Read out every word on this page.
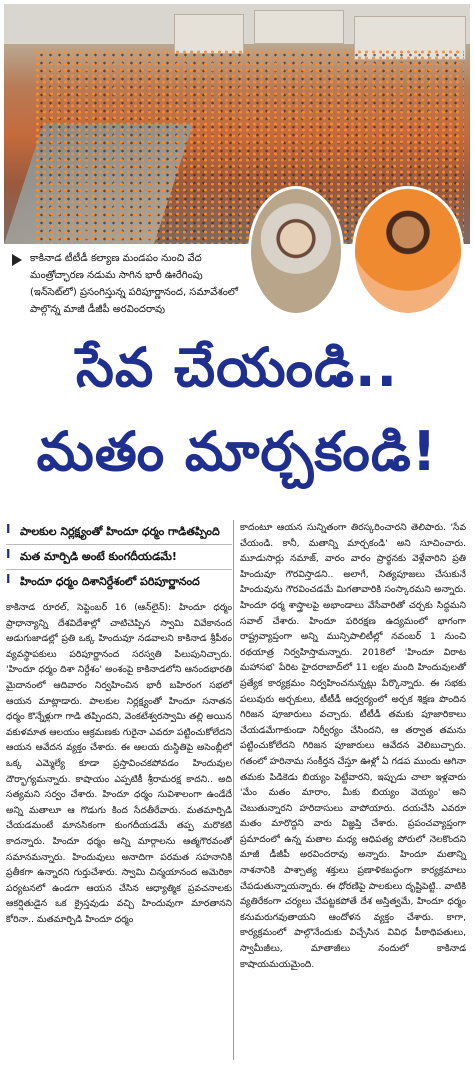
కాకినాడ టీటీడీ కల్యాణ మండపం నుంచి వేద మంత్రోచ్ఛారణ నడుమ సాగిన భారీ ఊరేగింపు (ఇన్‌సెట్‌లో) ప్రసంగిస్తున్న పరిపూర్ణానంద, సమావేశంలో పాల్గొన్న మాజీ డీజీపీ అరవిందరావు

సేవ చేయండి..
మతం మార్చకండి!
I పాలకుల నిర్లక్ష్యంతో హిందూ ధర్మం గాడితప్పింది
I మత మార్పిడి అంటే కుంగదీయడమే!
I హిందూ ధర్మం దిశానిర్దేశంలో పరిపూర్ణానంద

కాకినాడ రూరల్‌, సెప్టెంబర్‌ 16 (ఆన్‌లైన్‌): హిందూ ధర్మం ప్రాధాన్యాన్ని దేశవిదేశాల్లో చాటిచెప్పిన స్వామి వివేకానంద అడుగుజాడల్లో ప్రతి ఒక్క హిందువూ నడవాలని కాకినాడ శ్రీపీఠం వ్యవస్థాపకులు పరిపూర్ణానంద సరస్వతి పిలుపునిచ్చారు. 'హిందూ ధర్మం దిశా నిర్దేశం' అంశంపై కాకినాడలోని ఆనందభారతి మైదానంలో ఆదివారం నిర్వహించిన భారీ బహిరంగ సభలో ఆయన మాట్లాడారు. పాలకుల నిర్లక్ష్యంతో హిందూ సనాతన ధర్మం కొన్నేళ్లుగా గాడి తప్పిందని, వెంకటేశ్వరస్వామి తల్లి అయిన వకుళమాత ఆలయం ఆక్రమణకు గురైనా ఎవరూ పట్టించుకోలేదని ఆయన ఆవేదన వ్యక్తం చేశారు. ఈ ఆలయ దుస్థితిపై అసెంబ్లీలో ఒక్క ఎమ్మెల్యే కూడా ప్రస్తావించకపోవడం హిందువుల దౌర్భాగ్యమన్నారు. కాషాయం ఎప్పటికీ శ్రీరామరక్ష కాదని.. అది సత్యమని సర్వం చేశారు. హిందూ ధర్మం సువిశాలంగా ఉండేదే అన్ని మతాలూ ఆ గొడుగు కింద సేదతీరేవారు. మతమార్పిడి చేయడమంటే మానసికంగా కుంగదీయడమే తప్ప మరొకటి కాదన్నారు. హిందూ ధర్మం అన్ని మార్గాలను ఆత్మగౌరవంతో సమానమన్నారు. హిందువులు అనాదిగా పరమత సహనానికి ప్రతీకగా ఉన్నారని గుర్తుచేశారు. స్వామి చిన్మయానంద అమెరికా పర్యటనలో ఉండగా ఆయన చేసిన ఆధ్యాత్మిక ప్రవచనాలకు ఆకర్షితుడైన ఒక క్రైస్తవుడు వచ్చి హిందువుగా మారతానని కోరినా.. మతమార్పిడి హిందూ ధర్మం

కాదంటూ ఆయన సున్నితంగా తిరస్కరించారని తెలిపారు. 'సేవ చేయండి. కానీ, మతాన్ని మార్చకండి' అని సూచించారు. మూడుసార్లు నమాజ్‌, వారం వారం ప్రార్థనకు వెళ్లేవారిని ప్రతి హిందువూ గౌరవిస్తాడని.. అలాగే, నిత్యపూజలు చేసుకునే హిందువును గౌరవించడమే మిగతావారికి సంస్కారమని అన్నారు. హిందూ ధర్మ శాస్త్రాలపై అభాండాలు వేసేవారితో చర్చకు సిద్ధమని సవాల్‌ చేశారు. హిందూ పరిరక్షణ ఉద్యమంలో భాగంగా రాష్ట్రవ్యాప్తంగా అన్ని మున్సిపాలిటీల్లో నవంబర్‌ 1 నుంచి రథయాత్ర నిర్వహిస్తామన్నారు. 2018లో 'హిందూ విరాట మహాసభ' పేరిట హైదరాబాద్‌లో 11 లక్షల మంది హిందువులతో ప్రత్యేక కార్యక్రమం నిర్వహించనున్నట్లు పేర్కొన్నారు. ఈ సభకు పలువురు అర్చకులు, టీటీడీ ఆధ్వర్యంలో అర్చక శిక్షణ పొందిన గిరిజన పూజారులు వచ్చారు. టీటీడీ తమకు పూజారికాలు చేయడమేగాకుండా నిర్వీర్యం చేసిందని, ఆ తర్వాత తమను పట్టించుకోలేదని గిరిజన పూజారులు ఆవేదన వెలిబుచ్చారు. గతంలో హరినామ సంకీర్తన చేస్తూ ఊళ్లో ఏ గడప ముందు ఆగినా తమకు పిడికెడు బియ్యం పెట్టేవారని, ఇప్పుడు చాలా ఇళ్లవారు 'మేం మతం మారాం, మీకు బియ్యం వెయ్యం' అని చెబుతున్నారని హరిదాసులు వాపోయారు. దయచేసి ఎవరూ మతం మారొద్దని వారు విజ్ఞప్తి చేశారు. ప్రపంచవ్యాప్తంగా ప్రమాదంలో ఉన్న మతాల మధ్య ఆధిపత్య పోరులో నెలకొందని మాజీ డీజీపీ అరవిందరావు అన్నారు. హిందూ మతాన్ని నాశనానికి పాశ్చాత్య శక్తులు ప్రణాళికబద్ధంగా కార్యక్రమాలు చేపడుతున్నాయన్నారు. ఈ ధోరణిపై పాలకులు దృష్టిపెట్టి.. వాటికి వ్యతిరేకంగా చర్యలు చేపట్టకపోతే దేశ అస్తిత్వమే, హిందూ ధర్మం కనుమరుగవుతాయని ఆందోళన వ్యక్తం చేశారు. కాగా, కార్యక్రమంలో పాల్గొనేందుకు విచ్చేసిన వివిధ పీఠాధిపతులు, స్వామీజీలు, మాతాజీలు నందులో కాకినాడ కాషాయమయమైంది.
